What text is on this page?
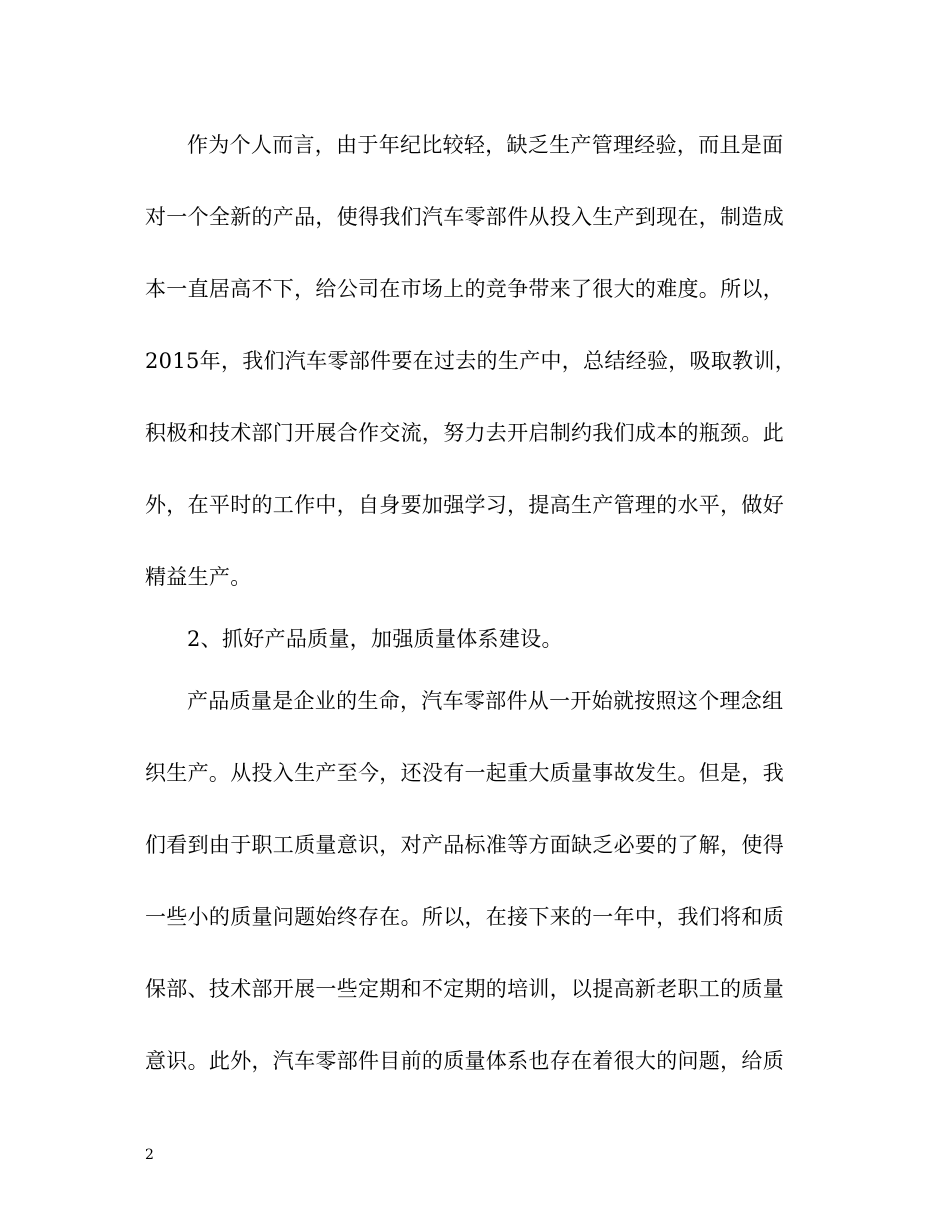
作为个人而言，由于年纪比较轻，缺乏生产管理经验，而且是面
对一个全新的产品，使得我们汽车零部件从投入生产到现在，制造成
本一直居高不下，给公司在市场上的竞争带来了很大的难度。所以，
2015年，我们汽车零部件要在过去的生产中，总结经验，吸取教训，
积极和技术部门开展合作交流，努力去开启制约我们成本的瓶颈。此
外，在平时的工作中，自身要加强学习，提高生产管理的水平，做好
精益生产。
2、抓好产品质量，加强质量体系建设。
产品质量是企业的生命，汽车零部件从一开始就按照这个理念组
织生产。从投入生产至今，还没有一起重大质量事故发生。但是，我
们看到由于职工质量意识，对产品标准等方面缺乏必要的了解，使得
一些小的质量问题始终存在。所以，在接下来的一年中，我们将和质
保部、技术部开展一些定期和不定期的培训，以提高新老职工的质量
意识。此外，汽车零部件目前的质量体系也存在着很大的问题，给质
2
